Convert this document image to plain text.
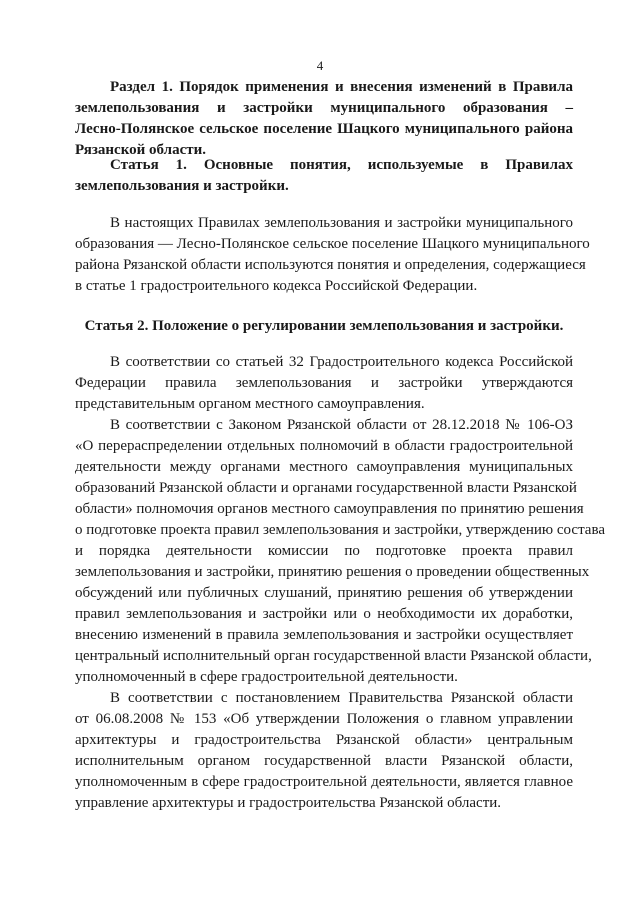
4
Раздел 1. Порядок применения и внесения изменений в Правила
землепользования и застройки муниципального образования –
Лесно-Полянское сельское поселение Шацкого муниципального района
Рязанской области.
Статья 1. Основные понятия, используемые в Правилах
землепользования и застройки.
В настоящих Правилах землепользования и застройки муниципального
образования — Лесно-Полянское сельское поселение Шацкого муниципального
района Рязанской области используются понятия и определения, содержащиеся
в статье 1 градостроительного кодекса Российской Федерации.
Статья 2. Положение о регулировании землепользования и застройки.
В соответствии со статьей 32 Градостроительного кодекса Российской
Федерации правила землепользования и застройки утверждаются
представительным органом местного самоуправления.
В соответствии с Законом Рязанской области от 28.12.2018 № 106-ОЗ
«О перераспределении отдельных полномочий в области градостроительной
деятельности между органами местного самоуправления муниципальных
образований Рязанской области и органами государственной власти Рязанской
области» полномочия органов местного самоуправления по принятию решения
о подготовке проекта правил землепользования и застройки, утверждению состава
и порядка деятельности комиссии по подготовке проекта правил
землепользования и застройки, принятию решения о проведении общественных
обсуждений или публичных слушаний, принятию решения об утверждении
правил землепользования и застройки или о необходимости их доработки,
внесению изменений в правила землепользования и застройки осуществляет
центральный исполнительный орган государственной власти Рязанской области,
уполномоченный в сфере градостроительной деятельности.
В соответствии с постановлением Правительства Рязанской области
от 06.08.2008 № 153 «Об утверждении Положения о главном управлении
архитектуры и градостроительства Рязанской области» центральным
исполнительным органом государственной власти Рязанской области,
уполномоченным в сфере градостроительной деятельности, является главное
управление архитектуры и градостроительства Рязанской области.
